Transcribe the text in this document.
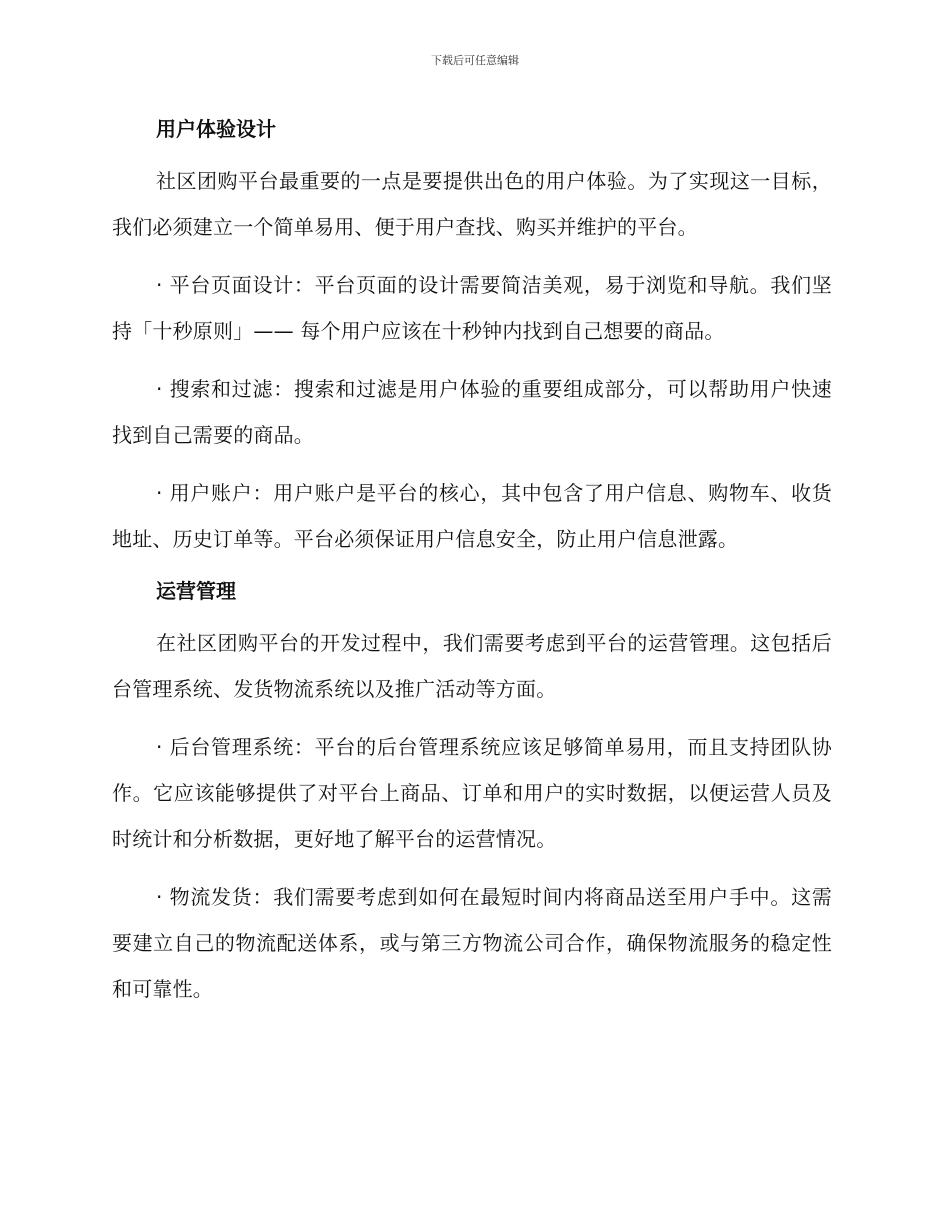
下载后可任意编辑
用户体验设计

社区团购平台最重要的一点是要提供出色的用户体验。为了实现这一目标，我们必须建立一个简单易用、便于用户查找、购买并维护的平台。

· 平台页面设计：平台页面的设计需要简洁美观，易于浏览和导航。我们坚持「十秒原则」—— 每个用户应该在十秒钟内找到自己想要的商品。

· 搜索和过滤：搜索和过滤是用户体验的重要组成部分，可以帮助用户快速找到自己需要的商品。

· 用户账户：用户账户是平台的核心，其中包含了用户信息、购物车、收货地址、历史订单等。平台必须保证用户信息安全，防止用户信息泄露。

运营管理

在社区团购平台的开发过程中，我们需要考虑到平台的运营管理。这包括后台管理系统、发货物流系统以及推广活动等方面。

· 后台管理系统：平台的后台管理系统应该足够简单易用，而且支持团队协作。它应该能够提供了对平台上商品、订单和用户的实时数据，以便运营人员及时统计和分析数据，更好地了解平台的运营情况。

· 物流发货：我们需要考虑到如何在最短时间内将商品送至用户手中。这需要建立自己的物流配送体系，或与第三方物流公司合作，确保物流服务的稳定性和可靠性。
